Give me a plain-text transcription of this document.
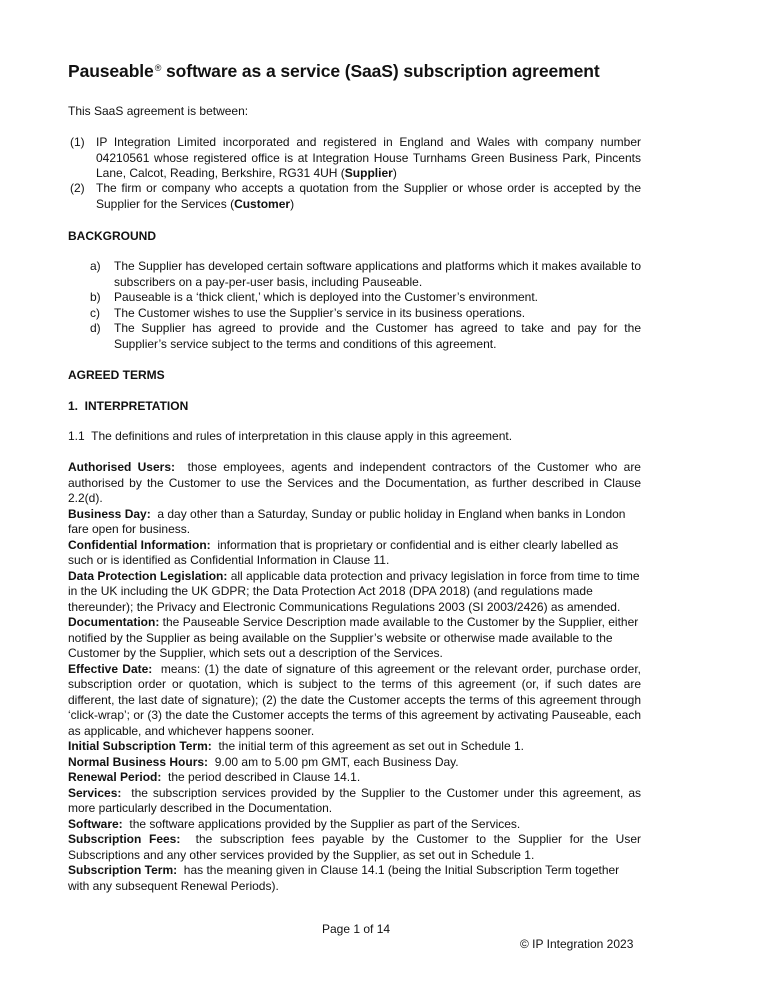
Pauseable® software as a service (SaaS) subscription agreement
This SaaS agreement is between:
(1) IP Integration Limited incorporated and registered in England and Wales with company number 04210561 whose registered office is at Integration House Turnhams Green Business Park, Pincents Lane, Calcot, Reading, Berkshire, RG31 4UH (Supplier)
(2) The firm or company who accepts a quotation from the Supplier or whose order is accepted by the Supplier for the Services (Customer)
BACKGROUND
a)	The Supplier has developed certain software applications and platforms which it makes available to subscribers on a pay-per-user basis, including Pauseable.
b)	Pauseable is a ‘thick client,’ which is deployed into the Customer’s environment.
c)	The Customer wishes to use the Supplier’s service in its business operations.
d)	The Supplier has agreed to provide and the Customer has agreed to take and pay for the Supplier’s service subject to the terms and conditions of this agreement.
AGREED TERMS
1.  INTERPRETATION
1.1  The definitions and rules of interpretation in this clause apply in this agreement.
Authorised Users:  those employees, agents and independent contractors of the Customer who are authorised by the Customer to use the Services and the Documentation, as further described in Clause 2.2(d).
Business Day:  a day other than a Saturday, Sunday or public holiday in England when banks in London fare open for business.
Confidential Information:  information that is proprietary or confidential and is either clearly labelled as such or is identified as Confidential Information in Clause 11.
Data Protection Legislation: all applicable data protection and privacy legislation in force from time to time in the UK including the UK GDPR; the Data Protection Act 2018 (DPA 2018) (and regulations made thereunder); the Privacy and Electronic Communications Regulations 2003 (SI 2003/2426) as amended.
Documentation: the Pauseable Service Description made available to the Customer by the Supplier, either notified by the Supplier as being available on the Supplier’s website or otherwise made available to the Customer by the Supplier, which sets out a description of the Services.
Effective Date:  means: (1) the date of signature of this agreement or the relevant order, purchase order, subscription order or quotation, which is subject to the terms of this agreement (or, if such dates are different, the last date of signature); (2) the date the Customer accepts the terms of this agreement through ‘click-wrap’; or (3) the date the Customer accepts the terms of this agreement by activating Pauseable, each as applicable, and whichever happens sooner.
Initial Subscription Term:  the initial term of this agreement as set out in Schedule 1.
Normal Business Hours:  9.00 am to 5.00 pm GMT, each Business Day.
Renewal Period:  the period described in Clause 14.1.
Services:  the subscription services provided by the Supplier to the Customer under this agreement, as more particularly described in the Documentation.
Software:  the software applications provided by the Supplier as part of the Services.
Subscription Fees:  the subscription fees payable by the Customer to the Supplier for the User Subscriptions and any other services provided by the Supplier, as set out in Schedule 1.
Subscription Term:  has the meaning given in Clause 14.1 (being the Initial Subscription Term together with any subsequent Renewal Periods).
Page 1 of 14
© IP Integration 2023
